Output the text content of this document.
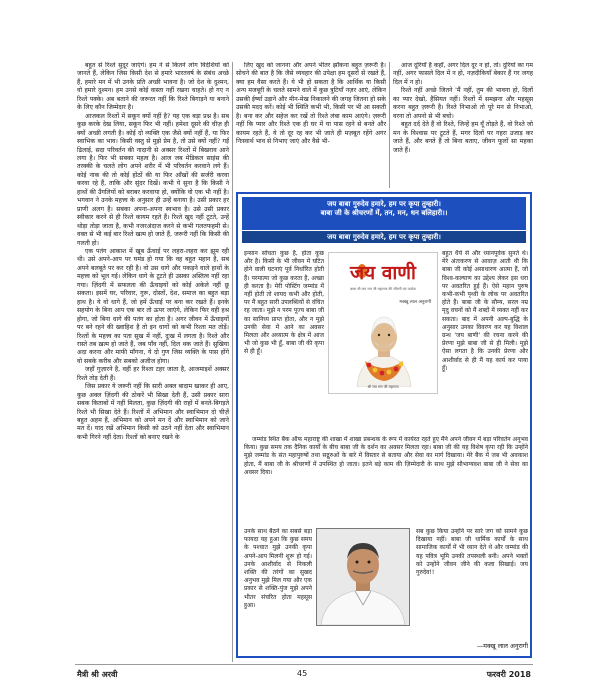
बहुत से रिश्ते सुदूर जाएंगे। हम ने से कितने लोग विदेशियों को जानते हैं, लेकिन जिस किसी देश से हमारे भारतवर्ष के संबंध अच्छे हैं, हमारे मन में भी उनके प्रति अच्छी भावना है। जो देश के दुश्मन, वो हमारे दुश्मन। हम उनसे कोई वास्ता नहीं रखना चाहते। हो गए न रिश्ते पक्के। अब बताने की जरूरत नहीं कि रिश्ते बिगाड़ने या बनाने के लिए कौन जिम्मेदार है।

आजकल रिश्तों में सकून क्यों नहीं है? यह एक बड़ा प्रश्न है। सब कुछ करके देख लिया, सकून फिर भी नहीं। हमेशा दूसरे की चीज़ ही क्यों अच्छी लगती है। कोई दो व्यक्ति एक जैसे क्यों नहीं हैं, या फिर स्वाभिक का भाव। किसी वस्तु से मुझे प्रेम है, तो उसे क्यों नहीं? गईं ढिलाई, सदा परिवर्तन की नादानी से अक्सर रिश्तों में बिखराव आने लगा है। फिर भी सबका महत्व है। आज जब मेडिकल साइंस की तरक्की के चलते लोग अपने शरीर में भी परिवर्तन करवाने लगे हैं। कोई नाक की तो कोई होंठों की या फिर आँखों की सर्जरी करवा करवा रहे हैं, ताकि और सुंदर दिखें। कभी ये सुना है कि किसी ने हाथों की उँगलियों को बराबर करवाया हो, क्योंकि वो एक भी नहीं है। भगवान ने उनके महत्त्व के अनुसार ही उन्हें बनाया है। उसी प्रकार हर प्राणी अलग है। सबका अपना-अपना स्वभाव है। उसे उसी प्रकार स्वीकार करने से ही रिश्ते कायम रहते हैं। रिश्ते खुद नहीं टूटते, उन्हें थोड़ा तोड़ा जाता है, कभी नजरअंदाज करने से कभी गलतफहमी से। वक्त से भी कई बार रिश्ते खत्म हो जाते हैं, जरूरी नहीं कि किसी की गलती हो।

एक पतंग आकाश में खूब ऊँचाई पर लहरा-लहरा कर झूम रही थी। उसे अपने-आप पर घमंड हो गया कि वह बहुत महान है, सब अपने बलबूते पर कर रही है। वो उस धागे और पकड़ने वाले हाथों के महत्त्व को भूल गई। लेकिन धागे के टूटते ही उसका अस्तित्व नहीं रहा गया। ज़िंदगी में सफलता की ऊँचाइयों को कोई अकेले नहीं छू सकता। इसमें घर, परिवार, गुरू, दोस्तों, देश, समाज का बहुत बड़ा हाथ है। ये वो धागे हैं, जो हमें ऊँचाई पर बना कर रखते हैं। इनके सहयोग के बिना आप एक बार तो ऊपर जाएंगे, लेकिन फिर वही हश्र होगा, जो बिना धागे की पतंग का होता है। अगर जीवन में ऊँचाइयों पर बने रहने की ख्वाहिश है तो इन धागों को कभी रिश्ता मत तोड़ें। रिश्तों के महत्त्व का पता सुख में नहीं, दुःख में लगता है। रिश्ते और रास्ते तब ख़त्म हो जाते हैं, जब पाँव नहीं, दिल थक जाते हैं। सुखिया अदा करना और माफी माँगना, ये दो गुण जिस व्यक्ति के पास होंगे वो सबके करीब और सबको अजीज होगा।

जहाँ गुज़ारने है, वहीं हर रिश्ता टहर जाता है, आजमाइशें अक्सर रिश्ते तोड़ देती हैं।

जिस प्रकार ये जरूरी नहीं कि सारी अक्ल बादाम खाकर ही आए, कुछ अक्ल ज़िंदगी की ठोकरें भी सिखा देती हैं, उसी प्रकार सारा सबक किताबों में नहीं मिलता, कुछ ज़िंदगी की राहों में बनते-बिगड़ते रिश्ते भी सिखा देते हैं। रिश्तों में अभिमान और स्वाभिमान दो चीज़ें बहुत अहम हैं, अभिमान को अपने मन दें और स्वाभिमान को जाने मत दें। याद रखें अभिमान किसी को उठने नहीं देता और स्वाभिमान कभी गिरने नहीं देता। रिश्तों को बनाए रखने के

लिए खुद को जानना और अपने भीतर झाँकना बहुत ज़रूरी है। सोचने की बात है कि जैसे व्यवहार की उपेक्षा हम दूसरों से रखते हैं, क्या हम वैसा करते हैं। ये भी हो सकता है कि आर्थिक या किसी अन्य मजबूरी के चलते सामने वाले में कुछ त्रुटियाँ नज़र आएं, लेकिन उसकी ईर्ष्या उड़ाने और मीन-मेख निकालने की जगह जितना हो सके उसकी मदद करें। कोई भी स्थिति कभी भी, किसी पर भी आ सकती है। बना कर और सहेज कर रखें तो रिश्ते लंबा काम आएंगे। ज़रूरी नहीं कि प्यार और रिश्ते एक ही घर में या पास रहने से बनते और कायम रहते हैं, ये तो दूर रह कर भी जाते ही मज़बूत रहेंगे अगर निःस्वार्थ भाव से निभाए जाएं और वैसे भी-

आज दूरियाँ है कहाँ, अगर दिल दूर न हो, तो। दुरियों का गम नहीं, अगर फासले दिल में न हो, नज़दीकियाँ बेकार हैं गर जगह दिल में न हो।

रिश्ते नहीं अच्छे जितने 'मैं नहीं, तुम की भावना हो, दिलों का प्यार देखो, हैसियत नहीं। रिश्तों में समझना और महसूस करना बहुत ज़रूरी है। रिश्ते निभाओ तो पूरे मन से निभाओ, वरना तो अपनो से भी बचो।

बहुत दर्द देते हैं वो रिश्ते, जिन्हें हम यूँ तोड़ते हैं, वो रिश्ते जो मन के विश्वास पर टूटते हैं, मगर दिलों पर गहरा उजाड़ कर जाते हैं, और बनते हैं तो बिना बताए, जीवन फूलों सा महका जाते हैं।

जय बाबा गुरुदेव हमारे, हम पर कृपा तुम्हारी।
बाबा जी के श्रीचरणों में, तन, मन, धन बलिहारी।।
जय बाबा गुरुदेव हमारे, हम पर कृपा तुम्हारी।

इन्सान सोचता कुछ है, होता कुछ और है। किसी के भी जीवन में घटित होने वाली घटनाएं पूर्व निर्धारित होती हैं। परमात्मा जो कुछ करता है, अच्छा ही करता है। मेरी पोस्टिंग जम्मांड में नहीं होती तो शायद कभी और होती, पर मैं बहुत सारी उपलब्धियों से वंचित रह जाता। मुझे न परम पूज्य बाबा जी का सानिध्य प्राप्त होता, और न मुझे उनकी सेवा में आने का अवसर मिलता और अध्यात्म के क्षेत्र में आज भी जो कुछ भी हूँ, बाबा जी की कृपा से ही हूँ।

जय वाणी
बाबा श्री जय राम जी महाराज की जीवनी एवं उपदेश
मक्खू लाल अनुरागी
श्री जय राम जी महाराज

बहुत धैर्य से और ध्यानपूर्वक सुनते थे। मेरे अंतःकरण से आवाज़ आती थी कि बाबा जी कोई असाधारण आत्मा हैं, जो विश्व-कल्याण का उद्देश्य लेकर इस धरा पर अवतरित हुई हैं। ऐसे महान पुरुष कभी-कभी पृथ्वी के लोक पर अवतरित होते हैं। बाबा जी के सौम्य, सरल नम्र मृदु वचनों को मैं शब्दों में व्यक्त नहीं कर सकता। बाद में अपनी अल्प-बुद्धि के अनुसार उनका विवरण कर यह विशाल ग्रन्थ 'जय बाणी' की रचना करने की प्रेरणा मुझे बाबा जी से ही मिली। मुझे ऐसा लगता है कि उनकी प्रेरणा और आशीर्वाद से ही मैं यह कार्य कर पाया हूँ।

जम्मांड स्थित बैंक ऑफ महाराष्ट्र की शाखा में शाखा प्रबन्धक के रूप में कार्यरत रहते हुए मैंने अपने जीवन में बड़ा परिवर्तन अनुभव किया। कुछ समय तक दैनिक कार्यों के बीच बाबा जी के दर्शन का अवसर मिलता रहा। बाबा जी की यह विशेष कृपा रही कि उन्होंने मुझे जम्मांड के संत महापुरुषों तथा सद्गुरुओं के बारे में विस्तार से बताया और सेवा का मार्ग दिखाया। मेरे बैंक में जब भी अवकाश होता, मैं बाबा जी के श्रीचरणों में उपस्थित हो जाता। इतने बड़े काम की ज़िम्मेदारी के साथ मुझे सौभाग्यवश बाबा जी ने सेवा का अवसर दिया।

उनके साथ बैठने का सबसे बड़ा फायदा यह हुआ कि कुछ समय के पश्चात मुझे उनकी कृपा अपने-आप मिलनी शुरू हो गई। उनके आशीर्वाद से निकली शक्ति की तरंगों का सुखद अनुभव मुझे मिल गया और एक प्रकार से शक्ति-पुंज मुझे अपने भीतर संचरित होता महसूस हुआ।

सब कुछ किया उन्होंने पर सारे जग को सामने कुछ दिखाया नहीं। बाबा जी धार्मिक कार्यों के साथ सामाजिक कार्यों में भी ध्यान देते थे और जम्मांड की यह पवित्र भूमि उनकी तपस्थली बनी। अपने भक्तों को उन्होंने जीवन जीने की कला सिखाई। जय गुरुदेव!!

—मक्खू लाल अनुरागी
मैत्री श्री अरवी	45	फरवरी 2018
